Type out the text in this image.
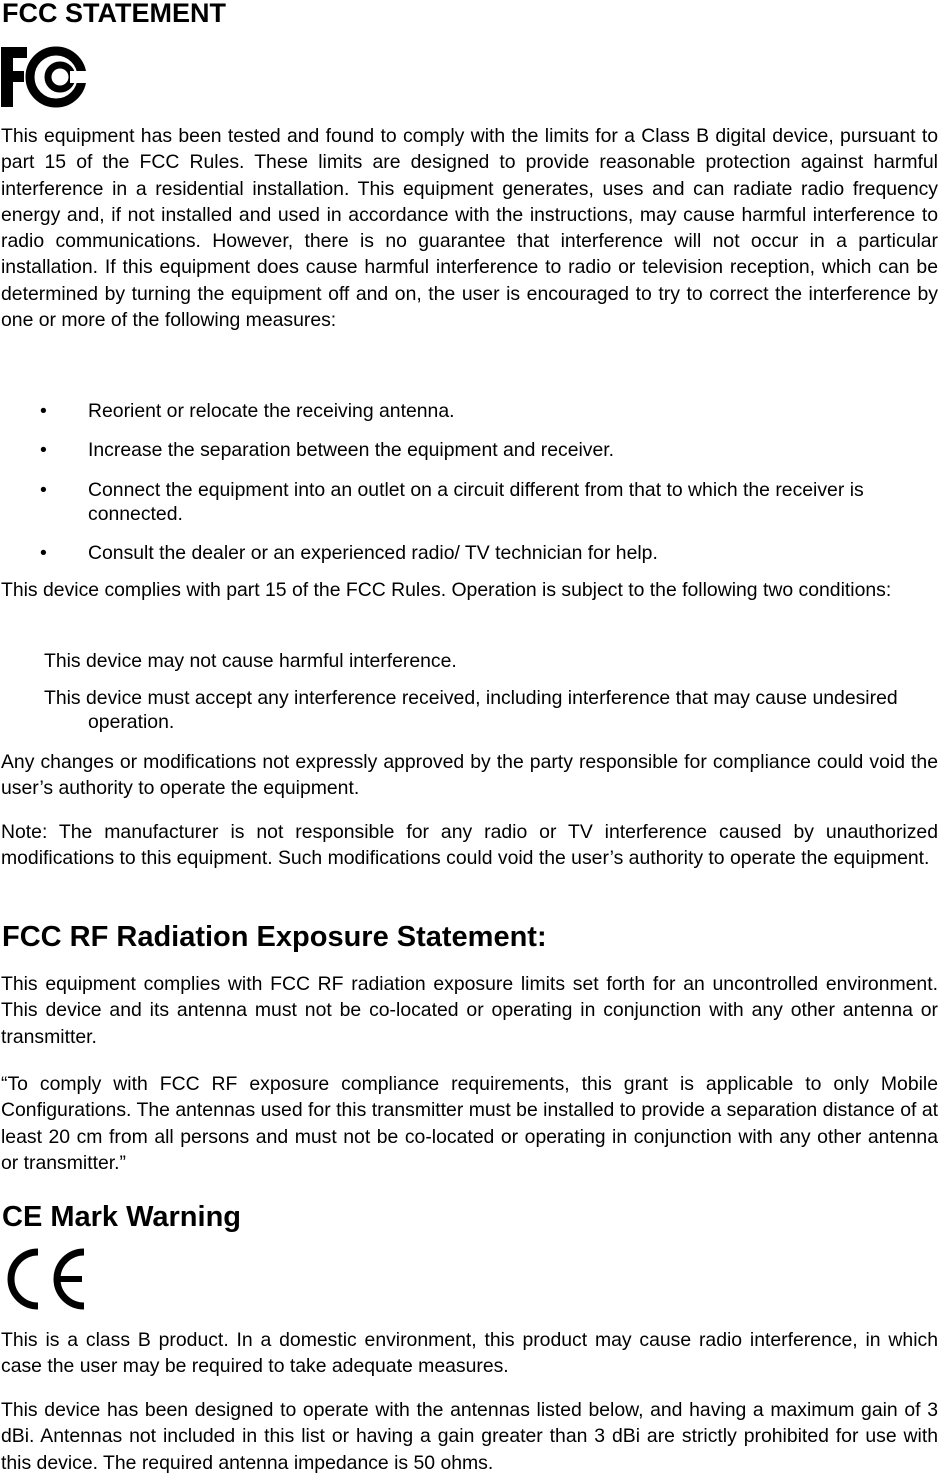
FCC STATEMENT
This equipment has been tested and found to comply with the limits for a Class B digital device, pursuant to part 15 of the FCC Rules. These limits are designed to provide reasonable protection against harmful interference in a residential installation. This equipment generates, uses and can radiate radio frequency energy and, if not installed and used in accordance with the instructions, may cause harmful interference to radio communications. However, there is no guarantee that interference will not occur in a particular installation. If this equipment does cause harmful interference to radio or television reception, which can be determined by turning the equipment off and on, the user is encouraged to try to correct the interference by one or more of the following measures:
• Reorient or relocate the receiving antenna.
• Increase the separation between the equipment and receiver.
• Connect the equipment into an outlet on a circuit different from that to which the receiver is connected.
• Consult the dealer or an experienced radio/ TV technician for help.
This device complies with part 15 of the FCC Rules. Operation is subject to the following two conditions:
This device may not cause harmful interference.
This device must accept any interference received, including interference that may cause undesired operation.
Any changes or modifications not expressly approved by the party responsible for compliance could void the user’s authority to operate the equipment.
Note: The manufacturer is not responsible for any radio or TV interference caused by unauthorized modifications to this equipment. Such modifications could void the user’s authority to operate the equipment.
FCC RF Radiation Exposure Statement:
This equipment complies with FCC RF radiation exposure limits set forth for an uncontrolled environment. This device and its antenna must not be co-located or operating in conjunction with any other antenna or transmitter.
“To comply with FCC RF exposure compliance requirements, this grant is applicable to only Mobile Configurations. The antennas used for this transmitter must be installed to provide a separation distance of at least 20 cm from all persons and must not be co-located or operating in conjunction with any other antenna or transmitter.”
CE Mark Warning
This is a class B product. In a domestic environment, this product may cause radio interference, in which case the user may be required to take adequate measures.
This device has been designed to operate with the antennas listed below, and having a maximum gain of 3 dBi. Antennas not included in this list or having a gain greater than 3 dBi are strictly prohibited for use with this device. The required antenna impedance is 50 ohms.
